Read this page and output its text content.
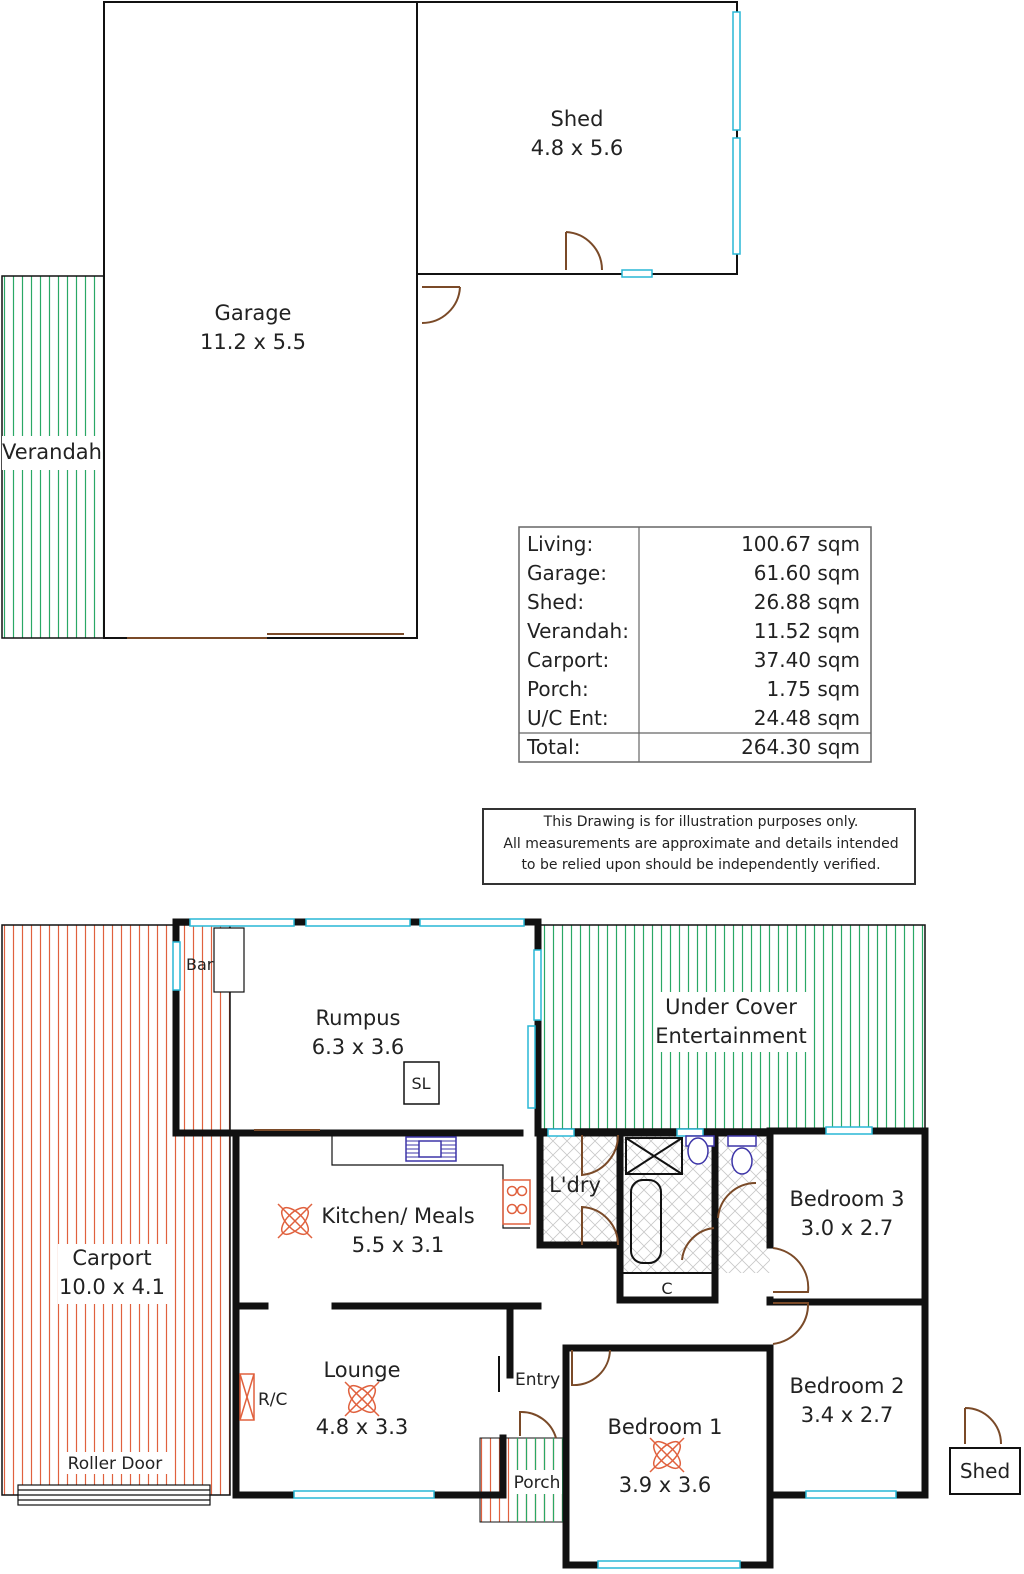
Shed
4.8 x 5.6
Garage
11.2 x 5.5
Verandah
Living:	100.67 sqm
Garage:	61.60 sqm
Shed:	26.88 sqm
Verandah:	11.52 sqm
Carport:	37.40 sqm
Porch:	1.75 sqm
U/C Ent:	24.48 sqm
Total:	264.30 sqm
This Drawing is for illustration purposes only.
All measurements are approximate and details intended
to be relied upon should be independently verified.
Bar
Rumpus
6.3 x 3.6
SL
Under Cover
Entertainment
Kitchen/ Meals
5.5 x 3.1
L'dry
C
Bedroom 3
3.0 x 2.7
Bedroom 2
3.4 x 2.7
Bedroom 1
3.9 x 3.6
Carport
10.0 x 4.1
Roller Door
Lounge
4.8 x 3.3
R/C
Entry
Porch	Shed
